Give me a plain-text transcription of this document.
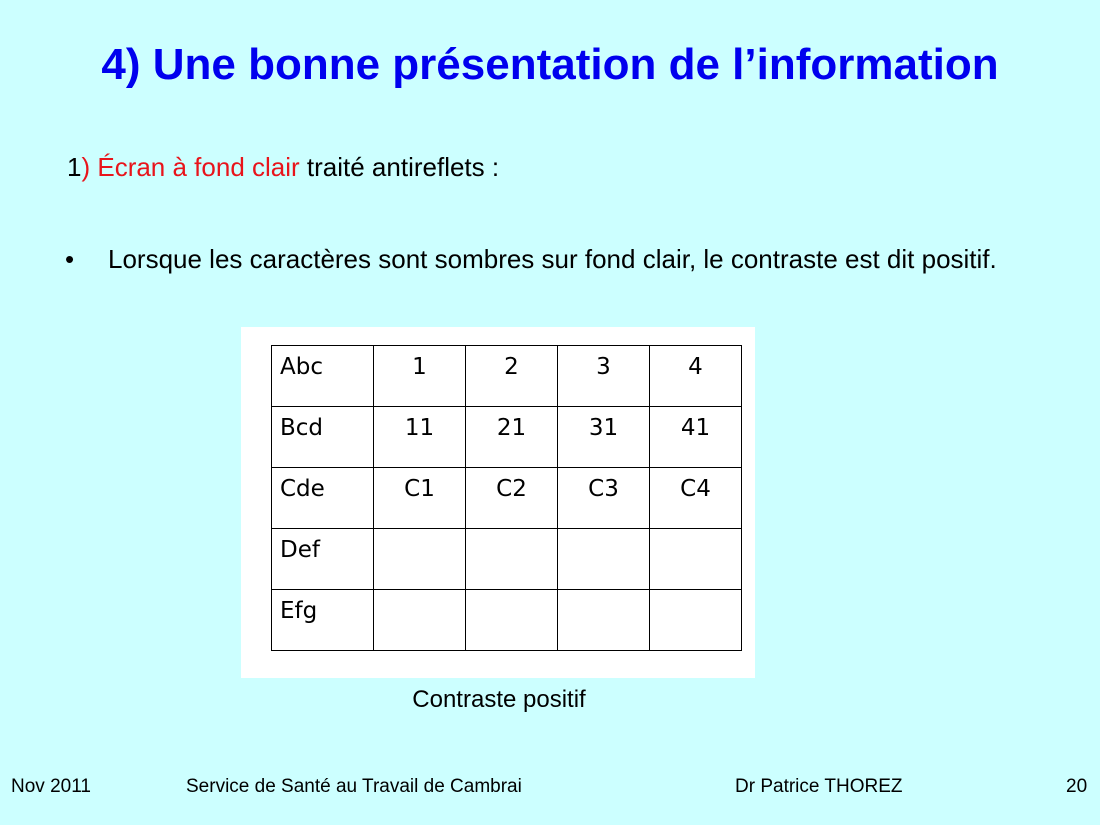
4) Une bonne présentation de l’information
1) Écran à fond clair traité antireflets :
•	Lorsque les caractères sont sombres sur fond clair, le contraste est dit positif.
Abc	1	2	3	4
Bcd	11	21	31	41
Cde	C1	C2	C3	C4
Def				
Efg				
Contraste positif
Nov 2011	Service de Santé au Travail de Cambrai	Dr Patrice THOREZ	20
